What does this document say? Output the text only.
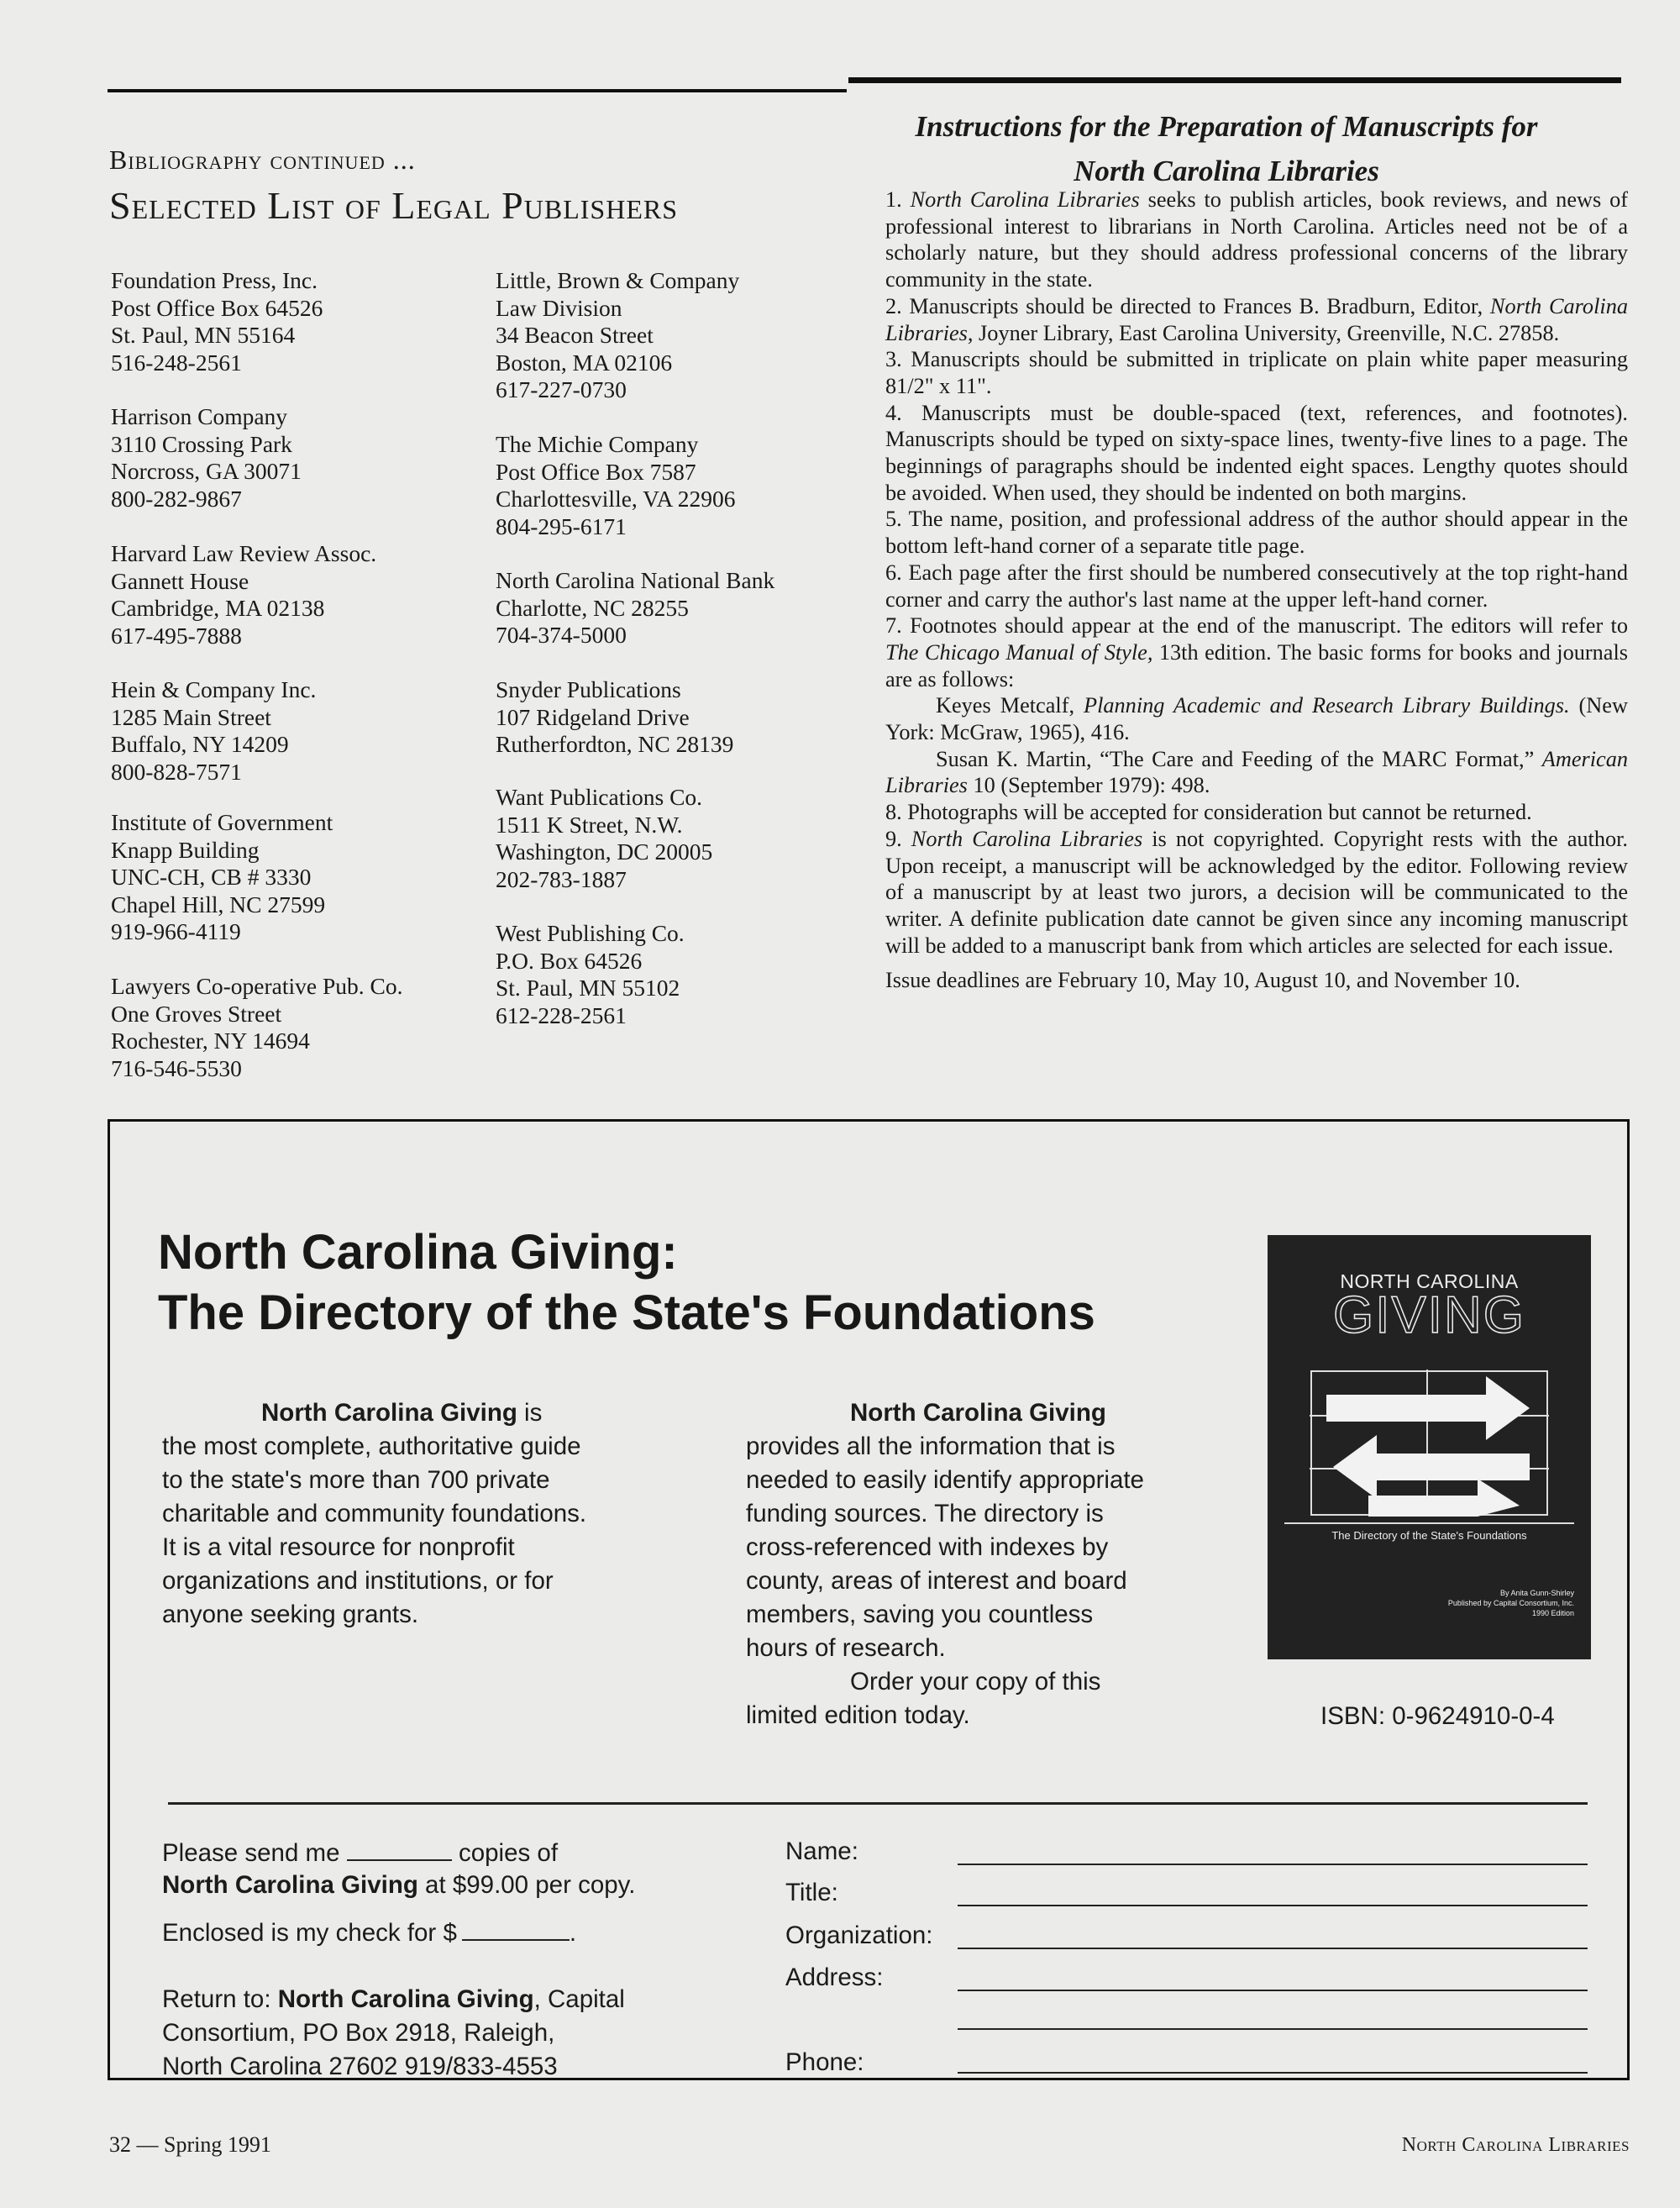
Bibliography continued ...
Selected List of Legal Publishers
Foundation Press, Inc.
Post Office Box 64526
St. Paul, MN 55164
516-248-2561
Harrison Company
3110 Crossing Park
Norcross, GA 30071
800-282-9867
Harvard Law Review Assoc.
Gannett House
Cambridge, MA 02138
617-495-7888
Hein & Company Inc.
1285 Main Street
Buffalo, NY 14209
800-828-7571
Institute of Government
Knapp Building
UNC-CH, CB # 3330
Chapel Hill, NC 27599
919-966-4119
Lawyers Co-operative Pub. Co.
One Groves Street
Rochester, NY 14694
716-546-5530
Little, Brown & Company
Law Division
34 Beacon Street
Boston, MA 02106
617-227-0730
The Michie Company
Post Office Box 7587
Charlottesville, VA 22906
804-295-6171
North Carolina National Bank
Charlotte, NC 28255
704-374-5000
Snyder Publications
107 Ridgeland Drive
Rutherfordton, NC 28139
Want Publications Co.
1511 K Street, N.W.
Washington, DC 20005
202-783-1887
West Publishing Co.
P.O. Box 64526
St. Paul, MN 55102
612-228-2561
Instructions for the Preparation of Manuscripts for
North Carolina Libraries

1. North Carolina Libraries seeks to publish articles, book reviews, and news of professional interest to librarians in North Carolina. Articles need not be of a scholarly nature, but they should address professional concerns of the library community in the state.

2. Manuscripts should be directed to Frances B. Bradburn, Editor, North Carolina Libraries, Joyner Library, East Carolina University, Greenville, N.C. 27858.

3. Manuscripts should be submitted in triplicate on plain white paper measuring 81/2" x 11".

4. Manuscripts must be double-spaced (text, references, and footnotes). Manuscripts should be typed on sixty-space lines, twenty-five lines to a page. The beginnings of paragraphs should be indented eight spaces. Lengthy quotes should be avoided. When used, they should be indented on both margins.

5. The name, position, and professional address of the author should appear in the bottom left-hand corner of a separate title page.

6. Each page after the first should be numbered consecutively at the top right-hand corner and carry the author's last name at the upper left-hand corner.

7. Footnotes should appear at the end of the manuscript. The editors will refer to The Chicago Manual of Style, 13th edition. The basic forms for books and journals are as follows:

Keyes Metcalf, Planning Academic and Research Library Buildings. (New York: McGraw, 1965), 416.

Susan K. Martin, “The Care and Feeding of the MARC Format,” American Libraries 10 (September 1979): 498.

8. Photographs will be accepted for consideration but cannot be returned.

9. North Carolina Libraries is not copyrighted. Copyright rests with the author. Upon receipt, a manuscript will be acknowledged by the editor. Following review of a manuscript by at least two jurors, a decision will be communicated to the writer. A definite publication date cannot be given since any incoming manuscript will be added to a manuscript bank from which articles are selected for each issue.

Issue deadlines are February 10, May 10, August 10, and November 10.

North Carolina Giving:
The Directory of the State's Foundations
North Carolina Giving is
the most complete, authoritative guide
to the state's more than 700 private
charitable and community foundations.
It is a vital resource for nonprofit
organizations and institutions, or for
anyone seeking grants.
North Carolina Giving
provides all the information that is
needed to easily identify appropriate
funding sources. The directory is
cross-referenced with indexes by
county, areas of interest and board
members, saving you countless
hours of research.
Order your copy of this
limited edition today.
NORTH CAROLINA
GIVING
The Directory of the State's Foundations
By Anita Gunn-Shirley
Published by Capital Consortium, Inc.
1990 Edition
ISBN: 0-9624910-0-4
Please send me	copies of
North Carolina Giving at $99.00 per copy.
Enclosed is my check for $	.
Return to: North Carolina Giving, Capital
Consortium, PO Box 2918, Raleigh,
North Carolina 27602 919/833-4553
Name:
Title:
Organization:
Address:
Phone:
32 — Spring 1991	North Carolina Libraries
